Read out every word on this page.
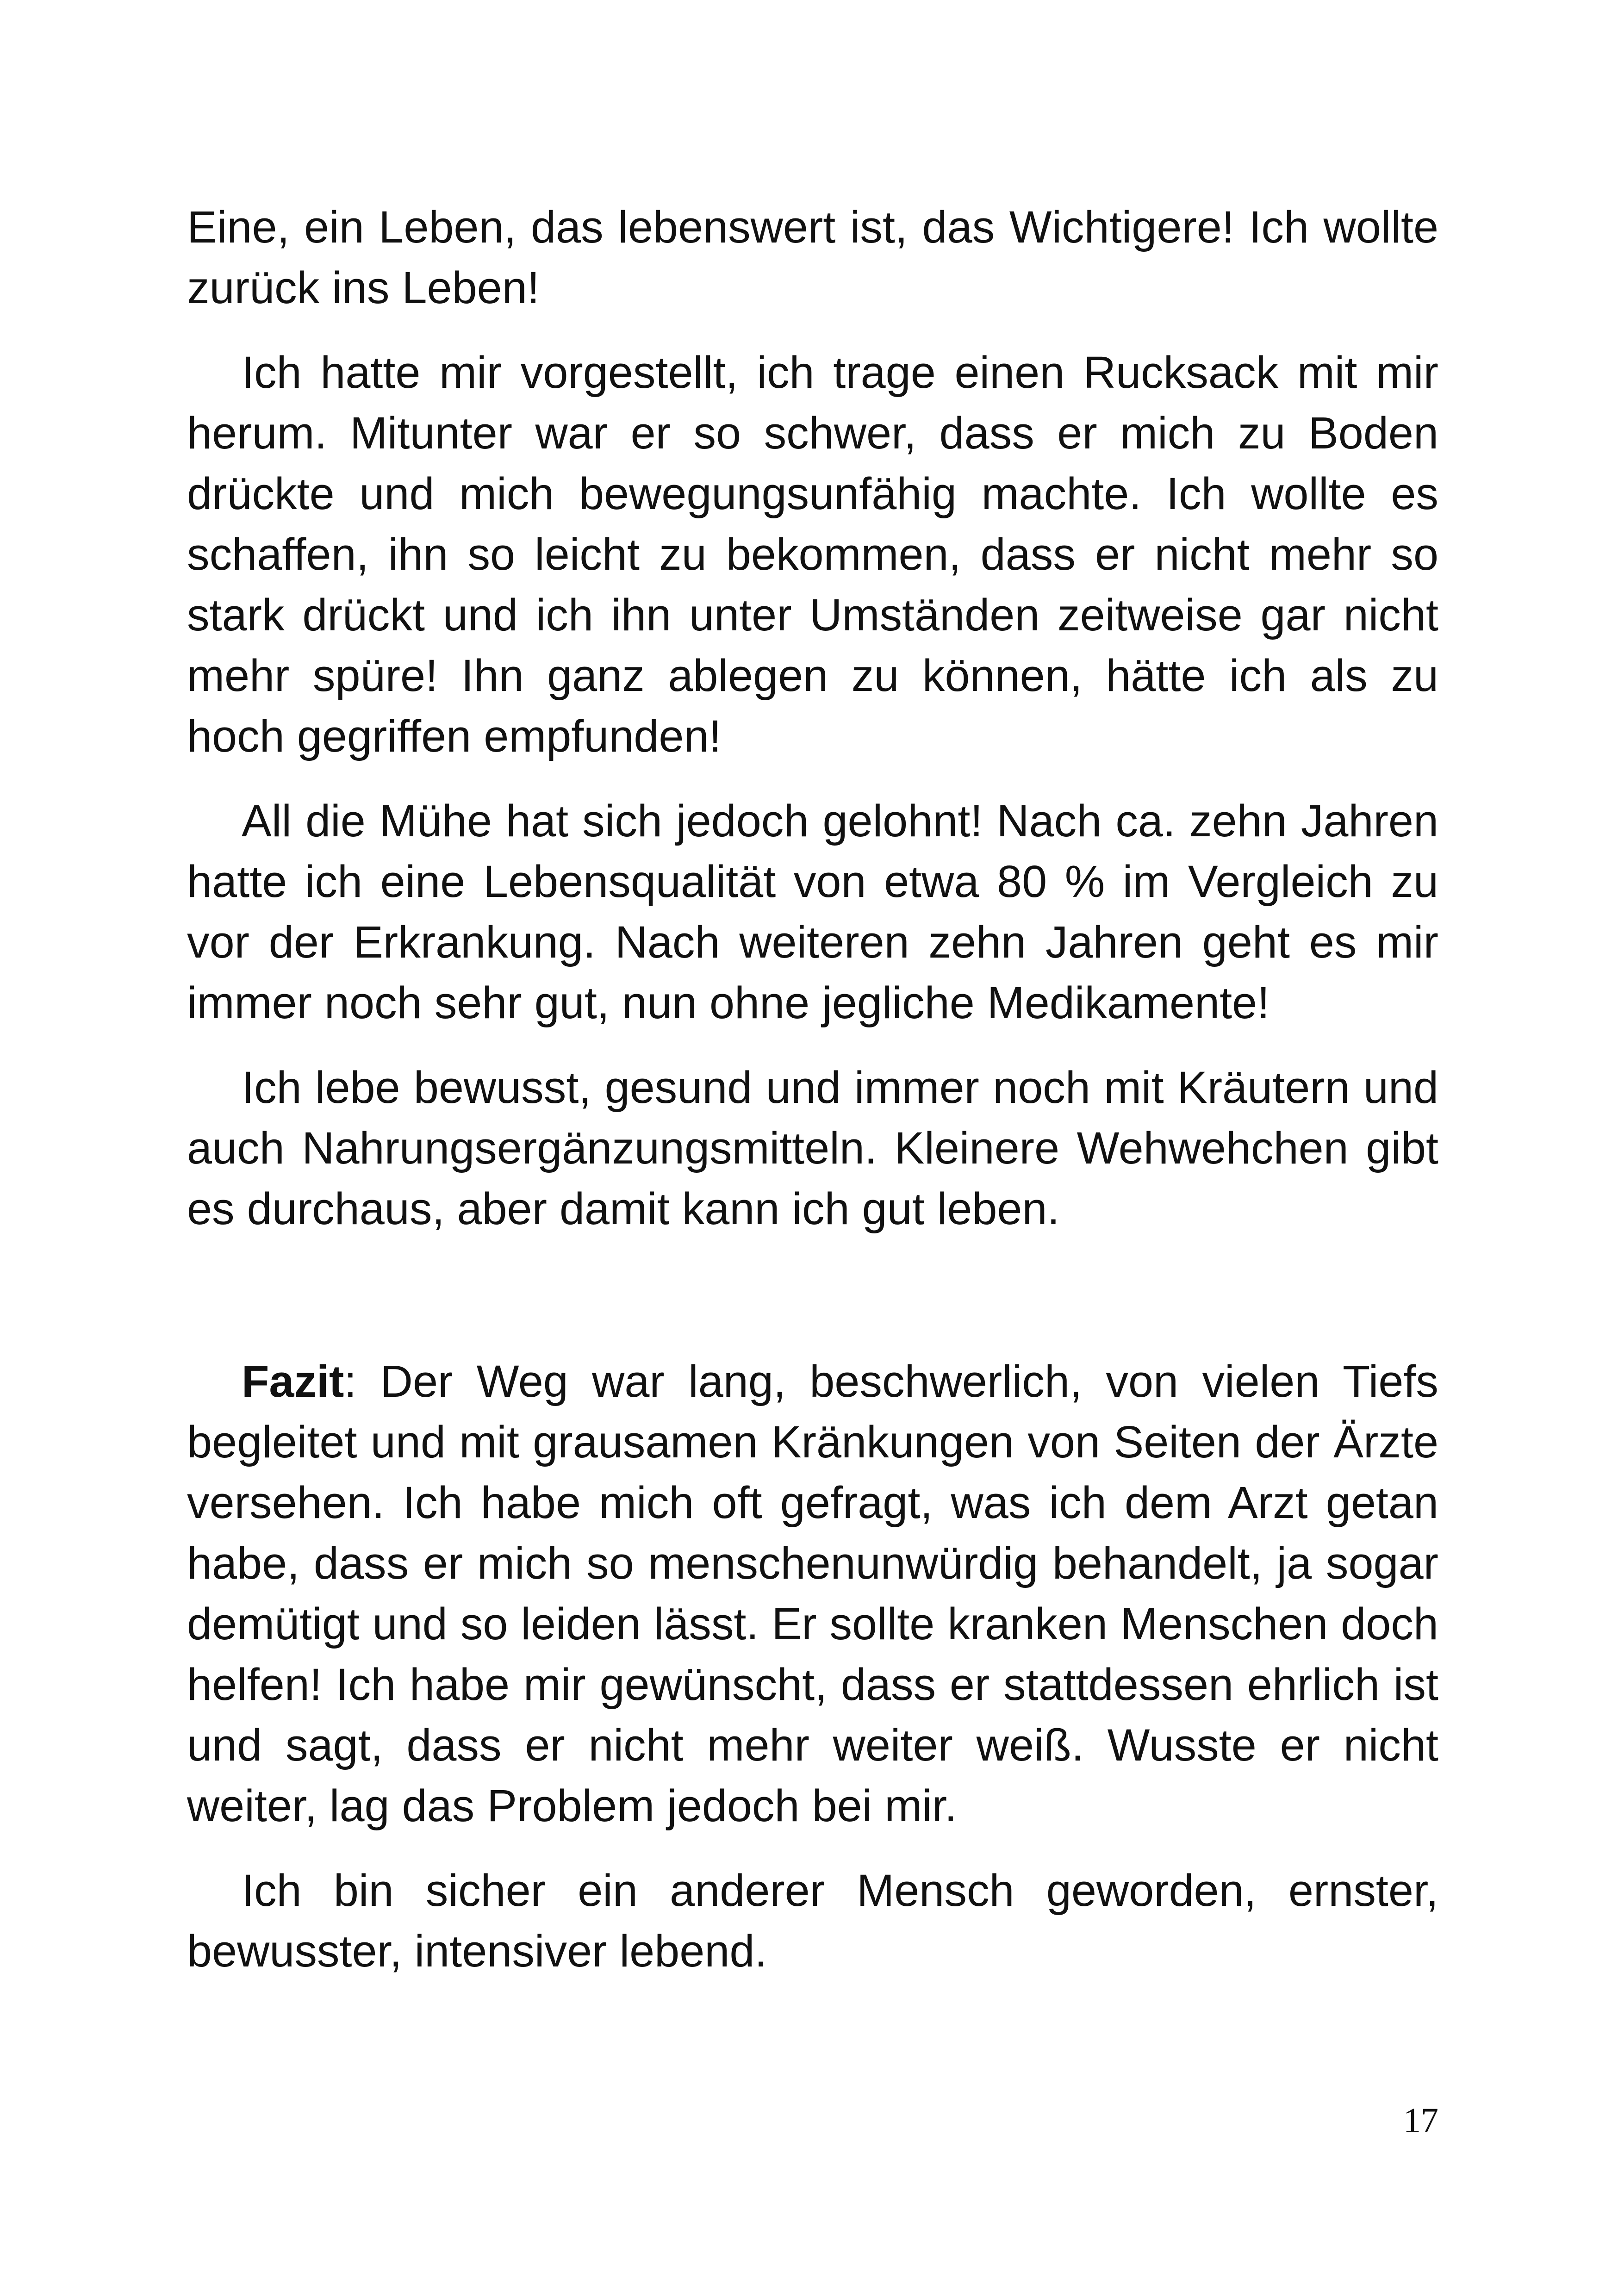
Eine, ein Leben, das lebenswert ist, das Wichtigere! Ich wollte zurück ins Leben!

Ich hatte mir vorgestellt, ich trage einen Rucksack mit mir herum. Mitunter war er so schwer, dass er mich zu Boden drückte und mich bewegungsunfähig machte. Ich wollte es schaffen, ihn so leicht zu bekommen, dass er nicht mehr so stark drückt und ich ihn unter Umständen zeitweise gar nicht mehr spüre! Ihn ganz ablegen zu können, hätte ich als zu hoch gegriffen empfunden!

All die Mühe hat sich jedoch gelohnt! Nach ca. zehn Jahren hatte ich eine Lebensqualität von etwa 80 % im Vergleich zu vor der Erkrankung. Nach weiteren zehn Jahren geht es mir immer noch sehr gut, nun ohne jegliche Medikamente!

Ich lebe bewusst, gesund und immer noch mit Kräutern und auch Nahrungsergänzungsmitteln. Kleinere Wehwehchen gibt es durchaus, aber damit kann ich gut leben.

Fazit: Der Weg war lang, beschwerlich, von vielen Tiefs begleitet und mit grausamen Kränkungen von Seiten der Ärzte versehen. Ich habe mich oft gefragt, was ich dem Arzt getan habe, dass er mich so menschenunwürdig behandelt, ja sogar demütigt und so leiden lässt. Er sollte kranken Menschen doch helfen! Ich habe mir gewünscht, dass er stattdessen ehrlich ist und sagt, dass er nicht mehr weiter weiß. Wusste er nicht weiter, lag das Problem jedoch bei mir.

Ich bin sicher ein anderer Mensch geworden, ernster, bewusster, intensiver lebend.

17
